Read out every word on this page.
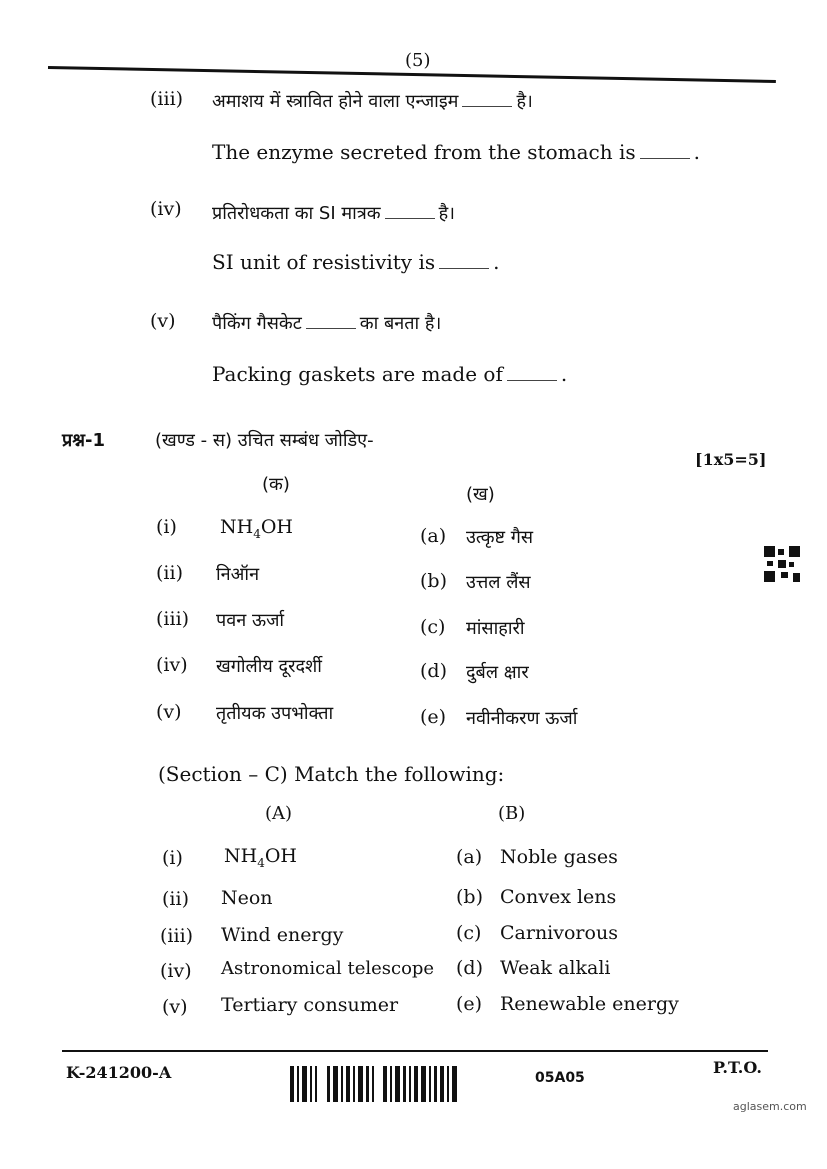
(5)
(iii) अमाशय में स्त्रावित होने वाला एन्जाइम	है।
The enzyme secreted from the stomach is	.
(iv) प्रतिरोधकता का SI मात्रक	है।
SI unit of resistivity is	.
(v) पैकिंग गैसकेट	का बनता है।
Packing gaskets are made of	.
प्रश्न-1	(खण्ड - स) उचित सम्बंध जोडिए-
[1x5=5]
(क)	(ख)
(i) $NH_4OH$	(a) उत्कृष्ट गैस
(ii) निऑन	(b) उत्तल लैंस
(iii) पवन ऊर्जा	(c) मांसाहारी
(iv) खगोलीय दूरदर्शी	(d) दुर्बल क्षार
(v) तृतीयक उपभोक्ता	(e) नवीनीकरण ऊर्जा
(Section – C) Match the following:
(A)	(B)
(i) $NH_4OH$	(a) Noble gases
(ii) Neon	(b) Convex lens
(iii) Wind energy	(c) Carnivorous
(iv) Astronomical telescope (d) Weak alkali
(v) Tertiary consumer	(e) Renewable energy
K-241200-A	05A05
P.T.O.
aglasem.com
